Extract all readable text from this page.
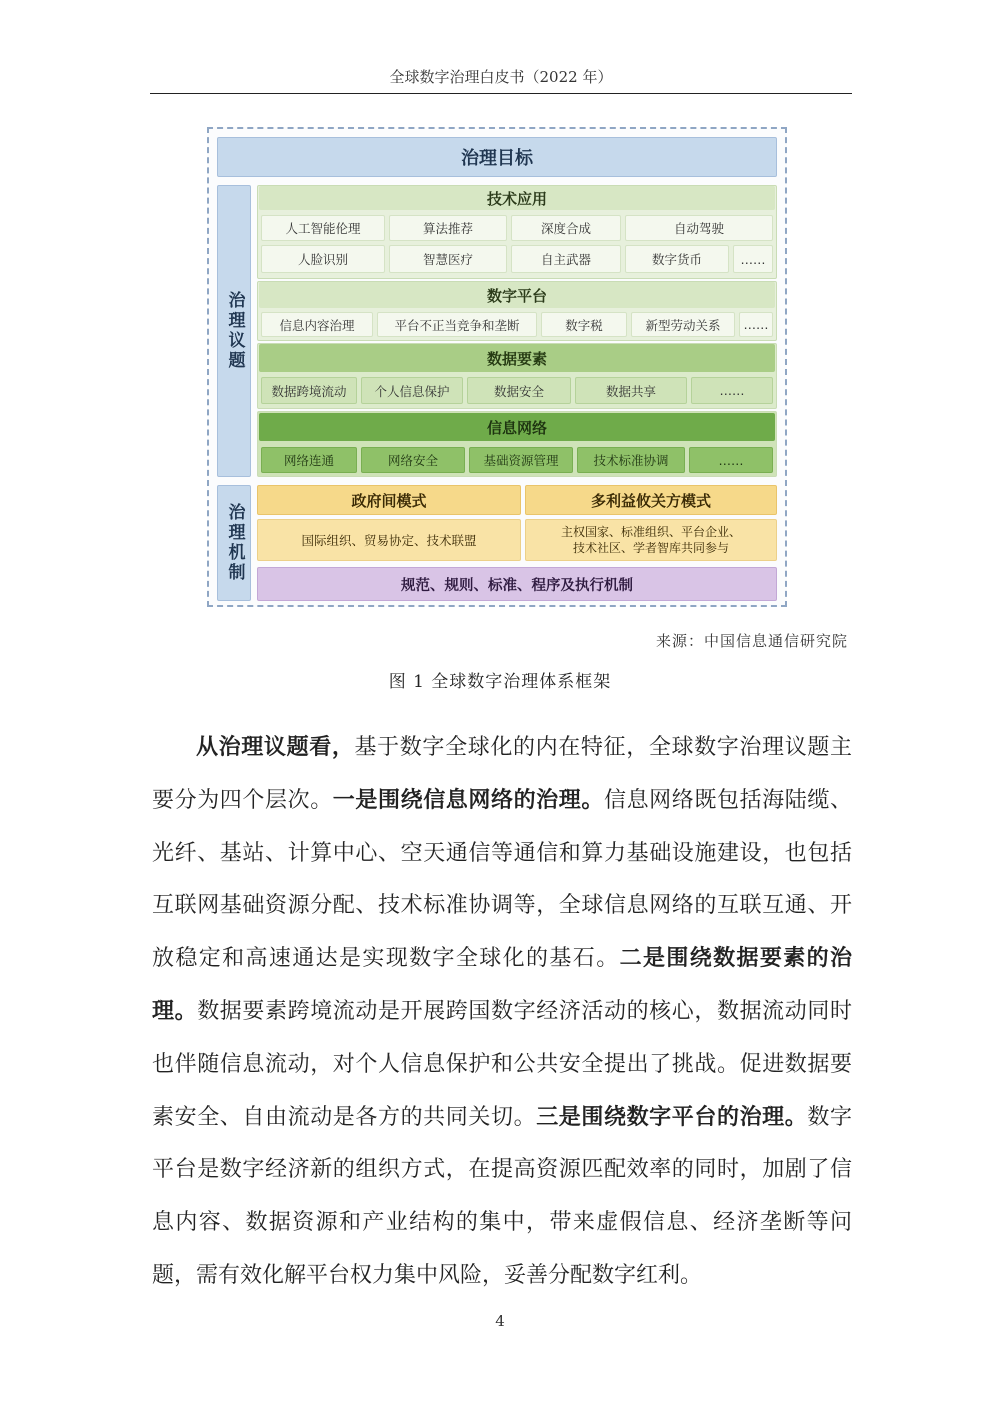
全球数字治理白皮书（2022 年）
治理目标
治理议题
治理机制
技术应用
人工智能伦理	算法推荐	深度合成	自动驾驶
人脸识别	智慧医疗	自主武器	数字货币	……
数字平台
信息内容治理	平台不正当竞争和垄断	数字税	新型劳动关系	……
数据要素
数据跨境流动	个人信息保护	数据安全	数据共享	……
信息网络
网络连通	网络安全	基础资源管理	技术标准协调	……
政府间模式	多利益攸关方模式
国际组织、贸易协定、技术联盟
主权国家、标准组织、平台企业、
技术社区、学者智库共同参与
规范、规则、标准、程序及执行机制
来源：中国信息通信研究院
图 1 全球数字治理体系框架

从治理议题看，基于数字全球化的内在特征，全球数字治理议题主要分为四个层次。一是围绕信息网络的治理。信息网络既包括海陆缆、光纤、基站、计算中心、空天通信等通信和算力基础设施建设，也包括互联网基础资源分配、技术标准协调等，全球信息网络的互联互通、开放稳定和高速通达是实现数字全球化的基石。二是围绕数据要素的治理。数据要素跨境流动是开展跨国数字经济活动的核心，数据流动同时也伴随信息流动，对个人信息保护和公共安全提出了挑战。促进数据要素安全、自由流动是各方的共同关切。三是围绕数字平台的治理。数字平台是数字经济新的组织方式，在提高资源匹配效率的同时，加剧了信息内容、数据资源和产业结构的集中，带来虚假信息、经济垄断等问题，需有效化解平台权力集中风险，妥善分配数字红利。

4
